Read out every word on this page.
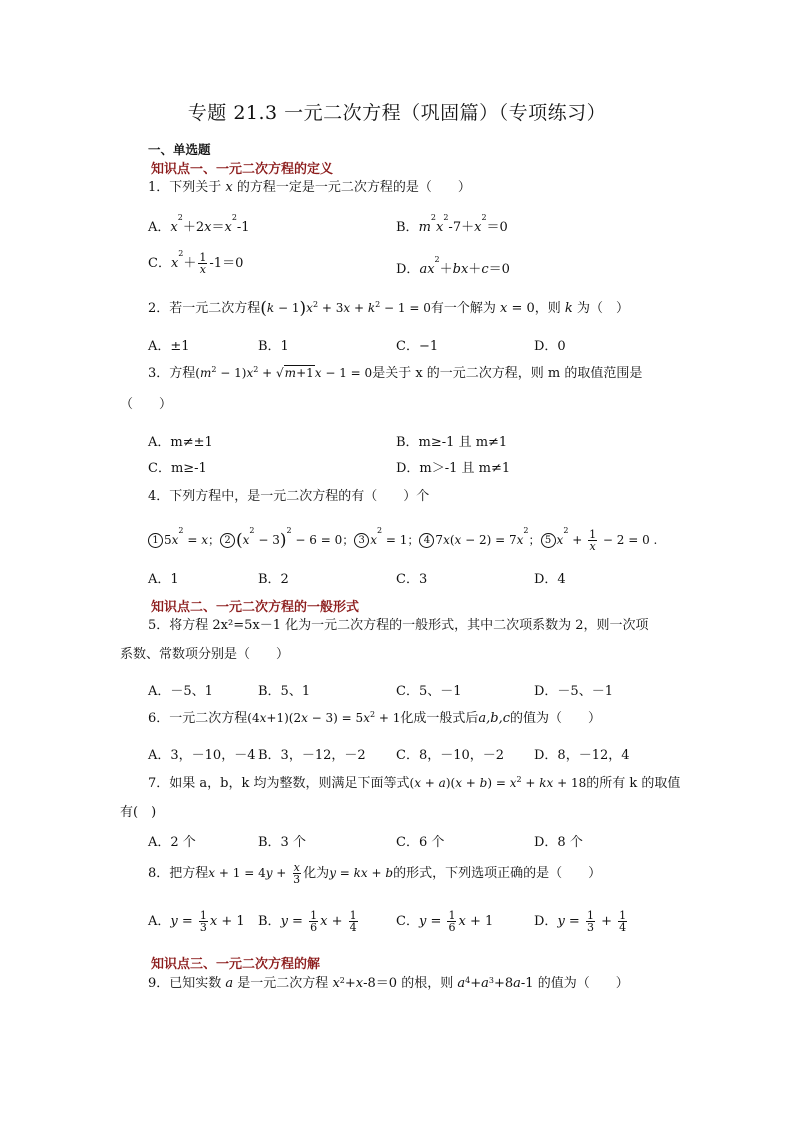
专题 21.3 一元二次方程（巩固篇）（专项练习）
一、单选题
知识点一、一元二次方程的定义
1．下列关于 x 的方程一定是一元二次方程的是（　　）
A．$x^2+2x=x^2-1$	B．$m^2x^2-7+x^2=0$
C．$x^2+ \frac{1}{x} -1=0$	D．$ax^2+bx+c=0$
2．若一元二次方程$(k - 1)x^2 + 3x + k^2 - 1 = 0$有一个解为 x = 0，则 k 为（　）
A．±1	B．1	C．−1	D．0
3．方程$(m^2 - 1)x^2 + √m+1x - 1 = 0$是关于 x 的一元二次方程，则 m 的取值范围是
（　　）
A．m≠±1	B．m≥-1 且 m≠1
C．m≥-1	D．m＞-1 且 m≠1
4．下列方程中，是一元二次方程的有（　　）个
1 $5x^2 = x$； 2 $(x^2 - 3)^2 - 6 = 0$； 3 $x^2 = 1$； 4 $7x(x - 2) = 7x^2$； 5 $x^2 + \frac{1}{x} - 2 = 0$ .
A．1	B．2	C．3	D．4
知识点二、一元二次方程的一般形式
5．将方程 2x²=5x－1 化为一元二次方程的一般形式，其中二次项系数为 2，则一次项
系数、常数项分别是（　　）
A．－5、1	B．5、1	C．5、－1	D．－5、－1
6．一元二次方程$(4x+1)(2x - 3) = 5x^2 + 1$化成一般式后a,b,c的值为（　　）
A．3，－10，－4 B．3，－12，－2 C．8，－10，－2 D．8，－12，4
7．如果 a，b，k 均为整数，则满足下面等式$(x + a)(x + b) = x^2$ + kx + 18的所有 k 的取值
有(　)
A．2 个	B．3 个	C．6 个	D．8 个
8．把方程$x + 1 = 4y + \frac{x}{3}$ 化为y = kx + b的形式，下列选项正确的是（　　）
A．$y = \frac{1}{3}$ x + 1 B．$y = \frac{1}{6}$ $x + \frac{1}{4}$	C．$y = \frac{1}{6}$ x + 1	D．$y = \frac{1}{3} + \frac{1}{4}$
知识点三、一元二次方程的解
9．已知实数 a 是一元二次方程 $x^2+x-8=0$ 的根，则 $a^4+a^3+8a-1$ 的值为（　　）
